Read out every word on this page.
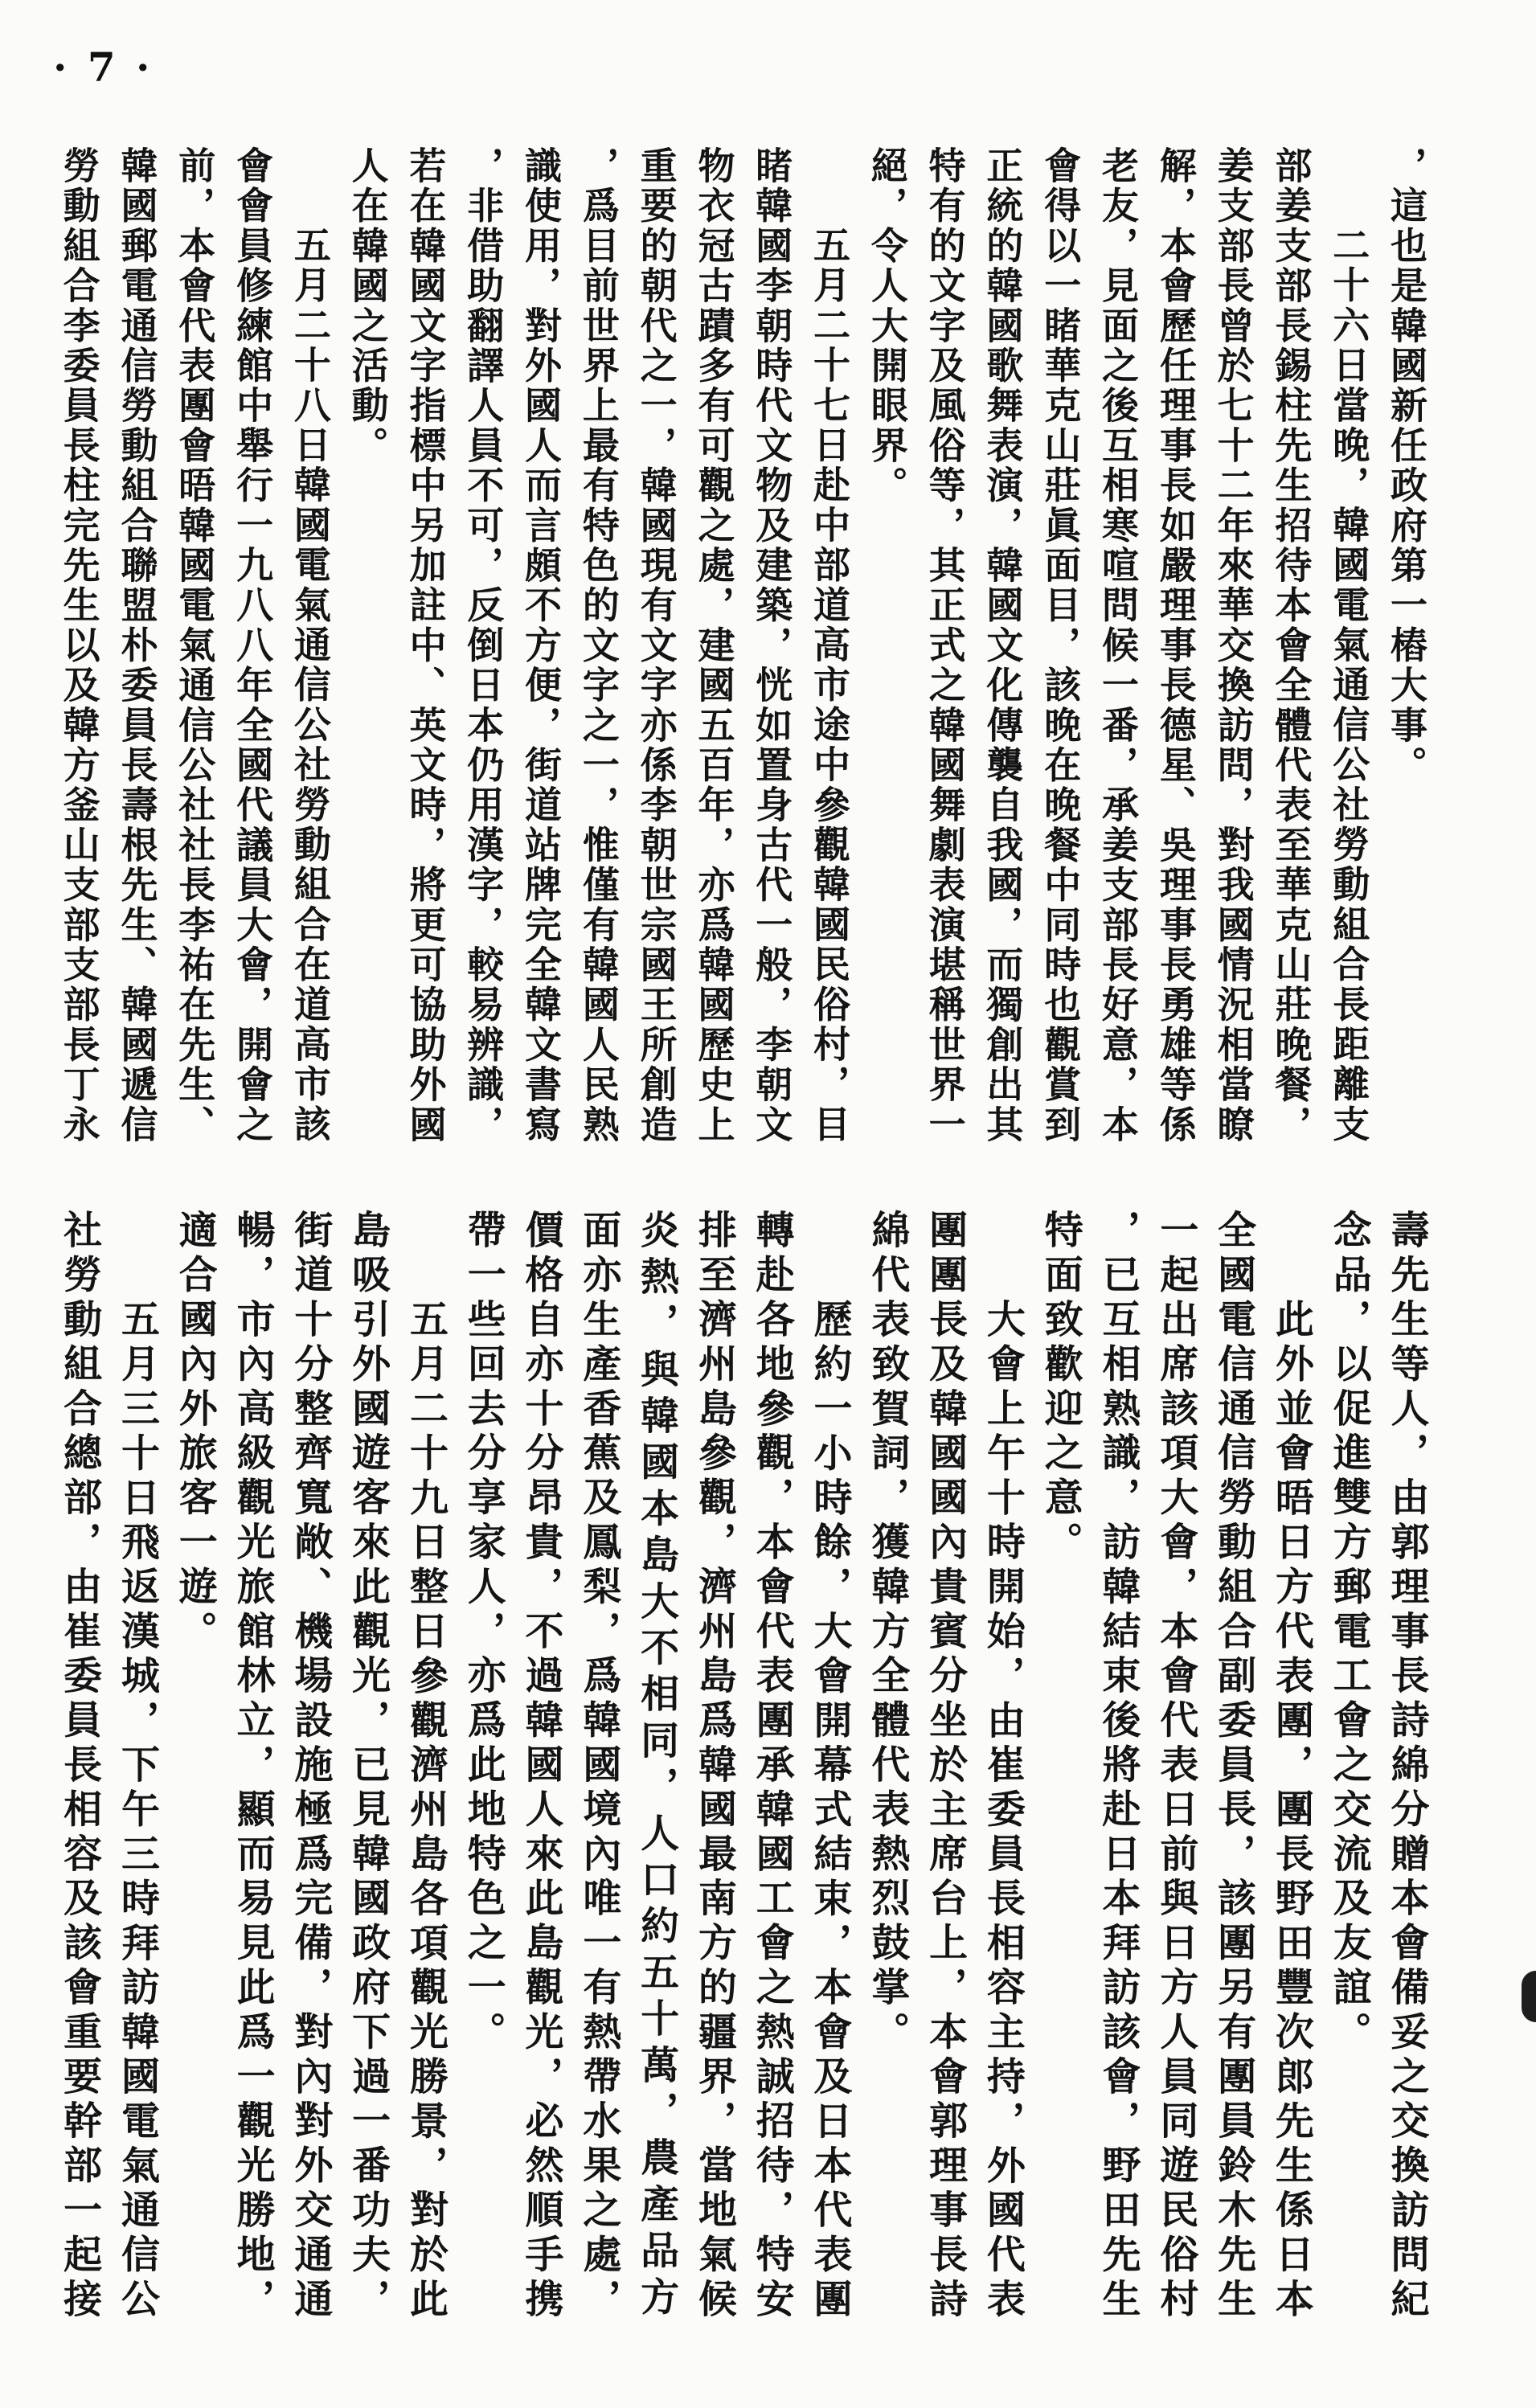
· 7 ·
，這也是韓國新任政府第一樁大事。
二十六日當晚，韓國電氣通信公社勞動組合長距離支
部姜支部長錫柱先生招待本會全體代表至華克山莊晚餐，
姜支部長曾於七十二年來華交換訪問，對我國情況相當瞭
解，本會歷任理事長如嚴理事長德星、吳理事長勇雄等係
老友，見面之後互相寒喧問候一番，承姜支部長好意，本
會得以一睹華克山莊眞面目，該晚在晚餐中同時也觀賞到
正統的韓國歌舞表演，韓國文化傳襲自我國，而獨創出其
特有的文字及風俗等，其正式之韓國舞劇表演堪稱世界一
絕，令人大開眼界。
五月二十七日赴中部道高市途中參觀韓國民俗村，目
睹韓國李朝時代文物及建築，恍如置身古代一般，李朝文
物衣冠古蹟多有可觀之處，建國五百年，亦爲韓國歷史上
重要的朝代之一，韓國現有文字亦係李朝世宗國王所創造
，爲目前世界上最有特色的文字之一，惟僅有韓國人民熟
識使用，對外國人而言頗不方便，街道站牌完全韓文書寫
，非借助翻譯人員不可，反倒日本仍用漢字，較易辨識，
若在韓國文字指標中另加註中、英文時，將更可協助外國
人在韓國之活動。
五月二十八日韓國電氣通信公社勞動組合在道高市該
會會員修練館中舉行一九八八年全國代議員大會，開會之
前，本會代表團會晤韓國電氣通信公社社長李祐在先生、
韓國郵電通信勞動組合聯盟朴委員長壽根先生、韓國遞信
勞動組合李委員長柱完先生以及韓方釜山支部支部長丁永
壽先生等人，由郭理事長詩綿分贈本會備妥之交換訪問紀
念品，以促進雙方郵電工會之交流及友誼。
此外並會晤日方代表團，團長野田豐次郎先生係日本
全國電信通信勞動組合副委員長，該團另有團員鈴木先生
一起出席該項大會，本會代表日前與日方人員同遊民俗村
，已互相熟識，訪韓結束後將赴日本拜訪該會，野田先生
特面致歡迎之意。
大會上午十時開始，由崔委員長相容主持，外國代表
團團長及韓國國內貴賓分坐於主席台上，本會郭理事長詩
綿代表致賀詞，獲韓方全體代表熱烈鼓掌。
歷約一小時餘，大會開幕式結束，本會及日本代表團
轉赴各地參觀，本會代表團承韓國工會之熱誠招待，特安
排至濟州島參觀，濟州島爲韓國最南方的疆界，當地氣候
炎熱，與韓國本島大不相同，人口約五十萬，農產品方
面亦生產香蕉及鳳梨，爲韓國境內唯一有熱帶水果之處，
價格自亦十分昂貴，不過韓國人來此島觀光，必然順手携
帶一些回去分享家人，亦爲此地特色之一。
五月二十九日整日參觀濟州島各項觀光勝景，對於此
島吸引外國遊客來此觀光，已見韓國政府下過一番功夫，
街道十分整齊寬敞、機場設施極爲完備，對內對外交通通
暢，市內高級觀光旅館林立，顯而易見此爲一觀光勝地，
適合國內外旅客一遊。
五月三十日飛返漢城，下午三時拜訪韓國電氣通信公
社勞動組合總部，由崔委員長相容及該會重要幹部一起接
